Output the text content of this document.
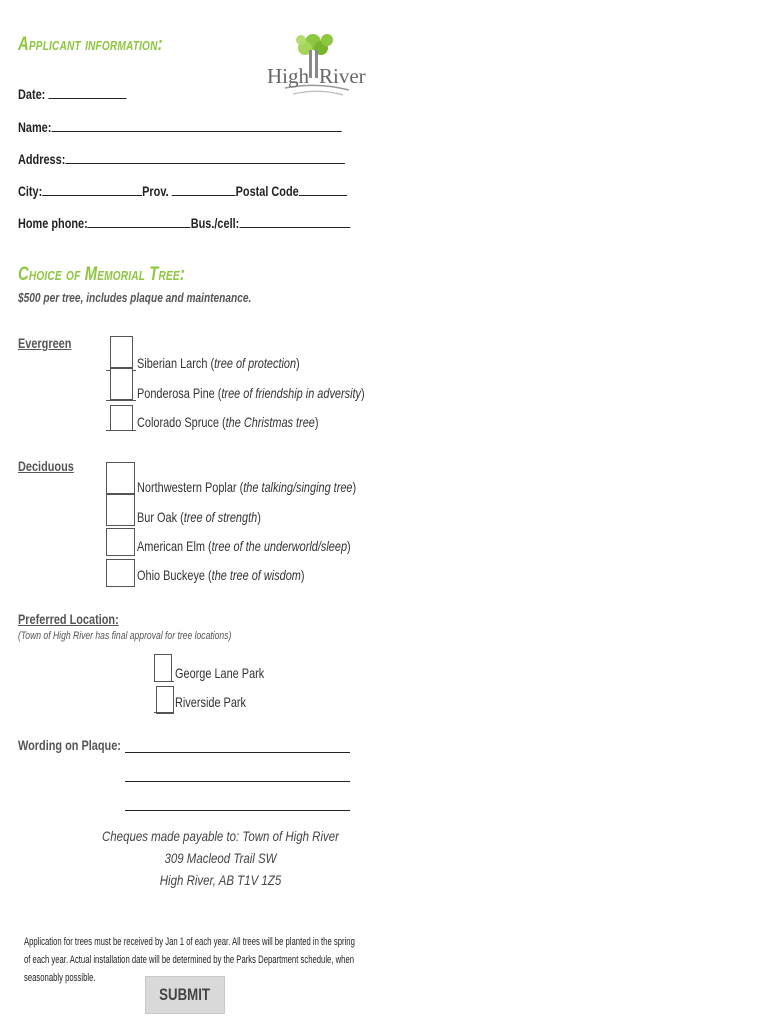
Applicant information:
High River
Date:
Name:
Address:
City:	Prov.	Postal Code
Home phone:	Bus./cell:
Choice of Memorial Tree:
$500 per tree, includes plaque and maintenance.
Evergreen
Siberian Larch (tree of protection)
Ponderosa Pine (tree of friendship in adversity)
Colorado Spruce (the Christmas tree)
Deciduous
Northwestern Poplar (the talking/singing tree)
Bur Oak (tree of strength)
American Elm (tree of the underworld/sleep)
Ohio Buckeye (the tree of wisdom)
Preferred Location:
(Town of High River has final approval for tree locations)
George Lane Park
Riverside Park
Wording on Plaque:
Cheques made payable to: Town of High River
309 Macleod Trail SW
High River, AB T1V 1Z5
Application for trees must be received by Jan 1 of each year. All trees will be planted in the spring
of each year. Actual installation date will be determined by the Parks Department schedule, when
seasonably possible.
SUBMIT
